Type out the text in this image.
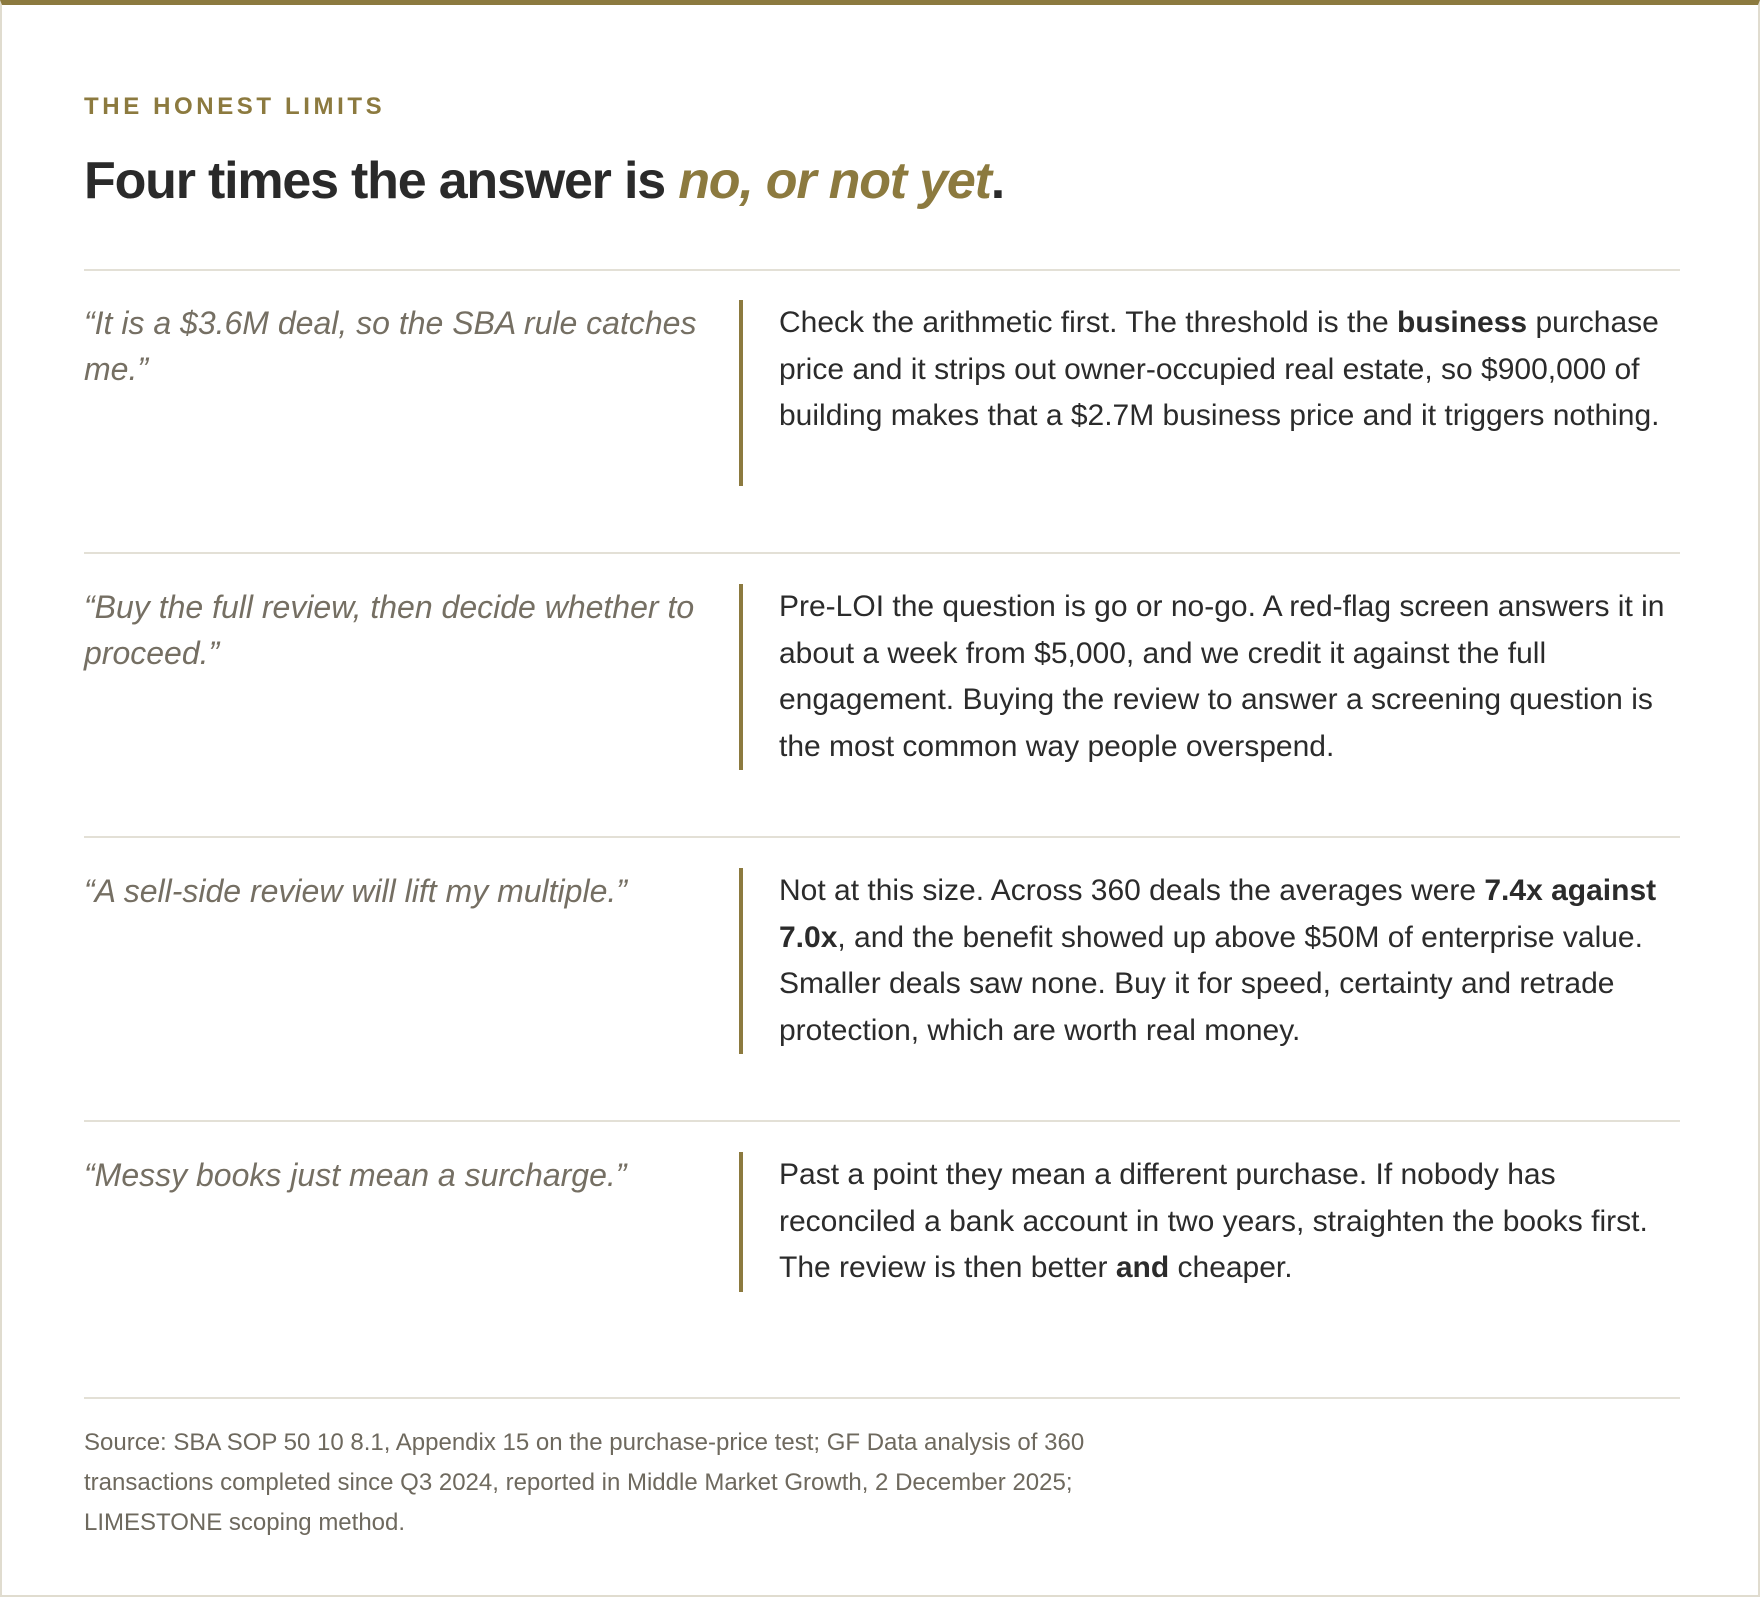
THE HONEST LIMITS
Four times the answer is no, or not yet.
“It is a $3.6M deal, so the SBA rule catches me.”
Check the arithmetic first. The threshold is the business purchase price and it strips out owner-occupied real estate, so $900,000 of building makes that a $2.7M business price and it triggers nothing.
“Buy the full review, then decide whether to proceed.”
Pre-LOI the question is go or no-go. A red-flag screen answers it in about a week from $5,000, and we credit it against the full engagement. Buying the review to answer a screening question is the most common way people overspend.
“A sell-side review will lift my multiple.”	Not at this size. Across 360 deals the averages were 7.4x against 7.0x, and the benefit showed up above $50M of enterprise value. Smaller deals saw none. Buy it for speed, certainty and retrade protection, which are worth real money.
“Messy books just mean a surcharge.”	Past a point they mean a different purchase. If nobody has reconciled a bank account in two years, straighten the books first. The review is then better and cheaper.
Source: SBA SOP 50 10 8.1, Appendix 15 on the purchase-price test; GF Data analysis of 360 transactions completed since Q3 2024, reported in Middle Market Growth, 2 December 2025; LIMESTONE scoping method.
